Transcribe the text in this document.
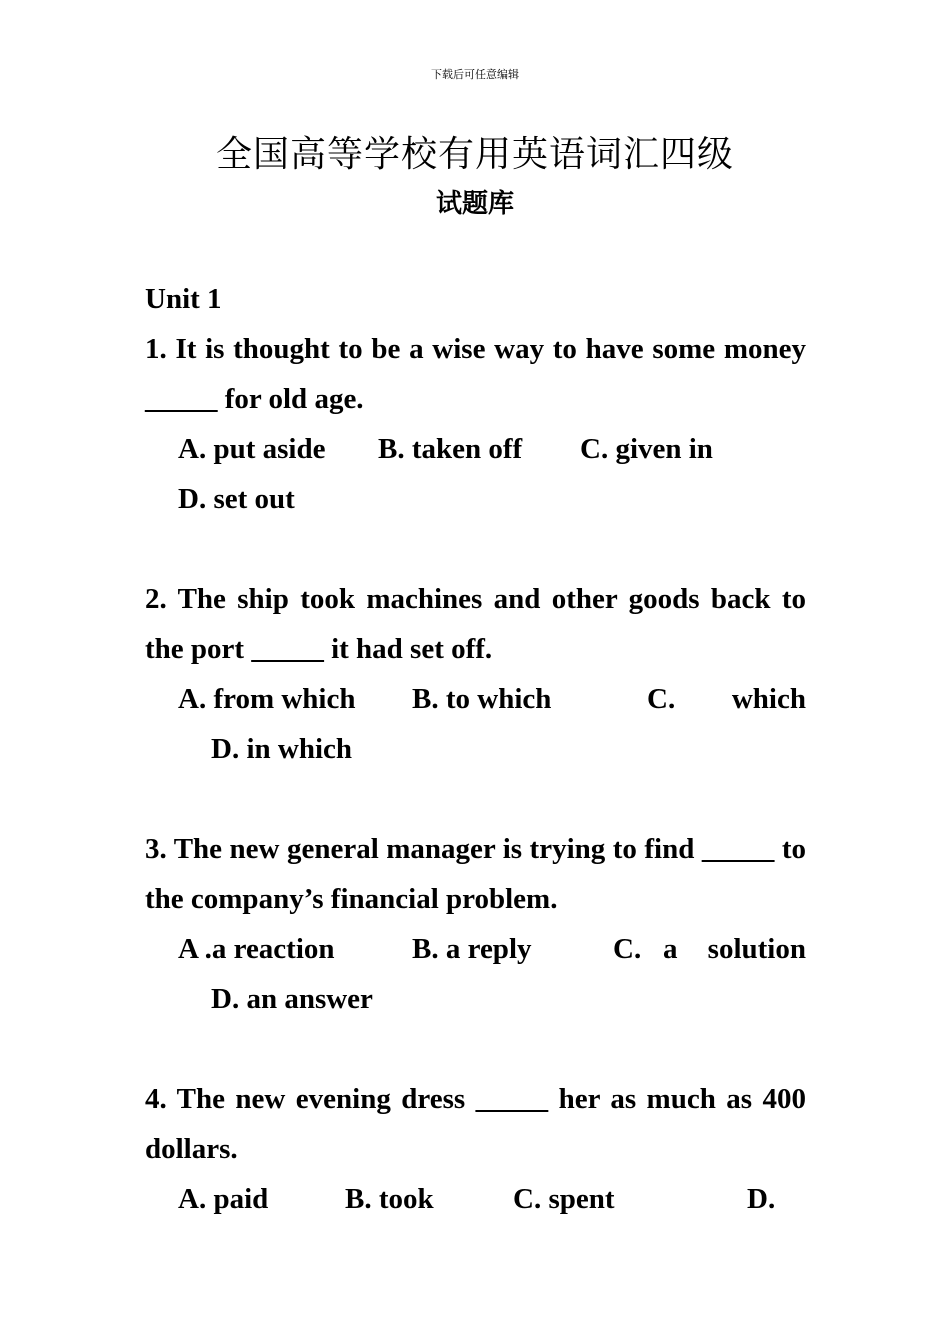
下载后可任意编辑
全国高等学校有用英语词汇四级
试题库
Unit 1
1. It is thought to be a wise way to have some money _____ for old age.
A. put aside B. taken off C. given in
D. set out
2. The ship took machines and other goods back to the port _____ it had set off.
A. from which B. to which	C. which
D. in which
3. The new general manager is trying to find _____ to the company’s financial problem.
A .a reaction	B. a reply	C. a solution
D. an answer
4. The new evening dress _____ her as much as 400 dollars.
A. paid	B. took	C. spent	D.
